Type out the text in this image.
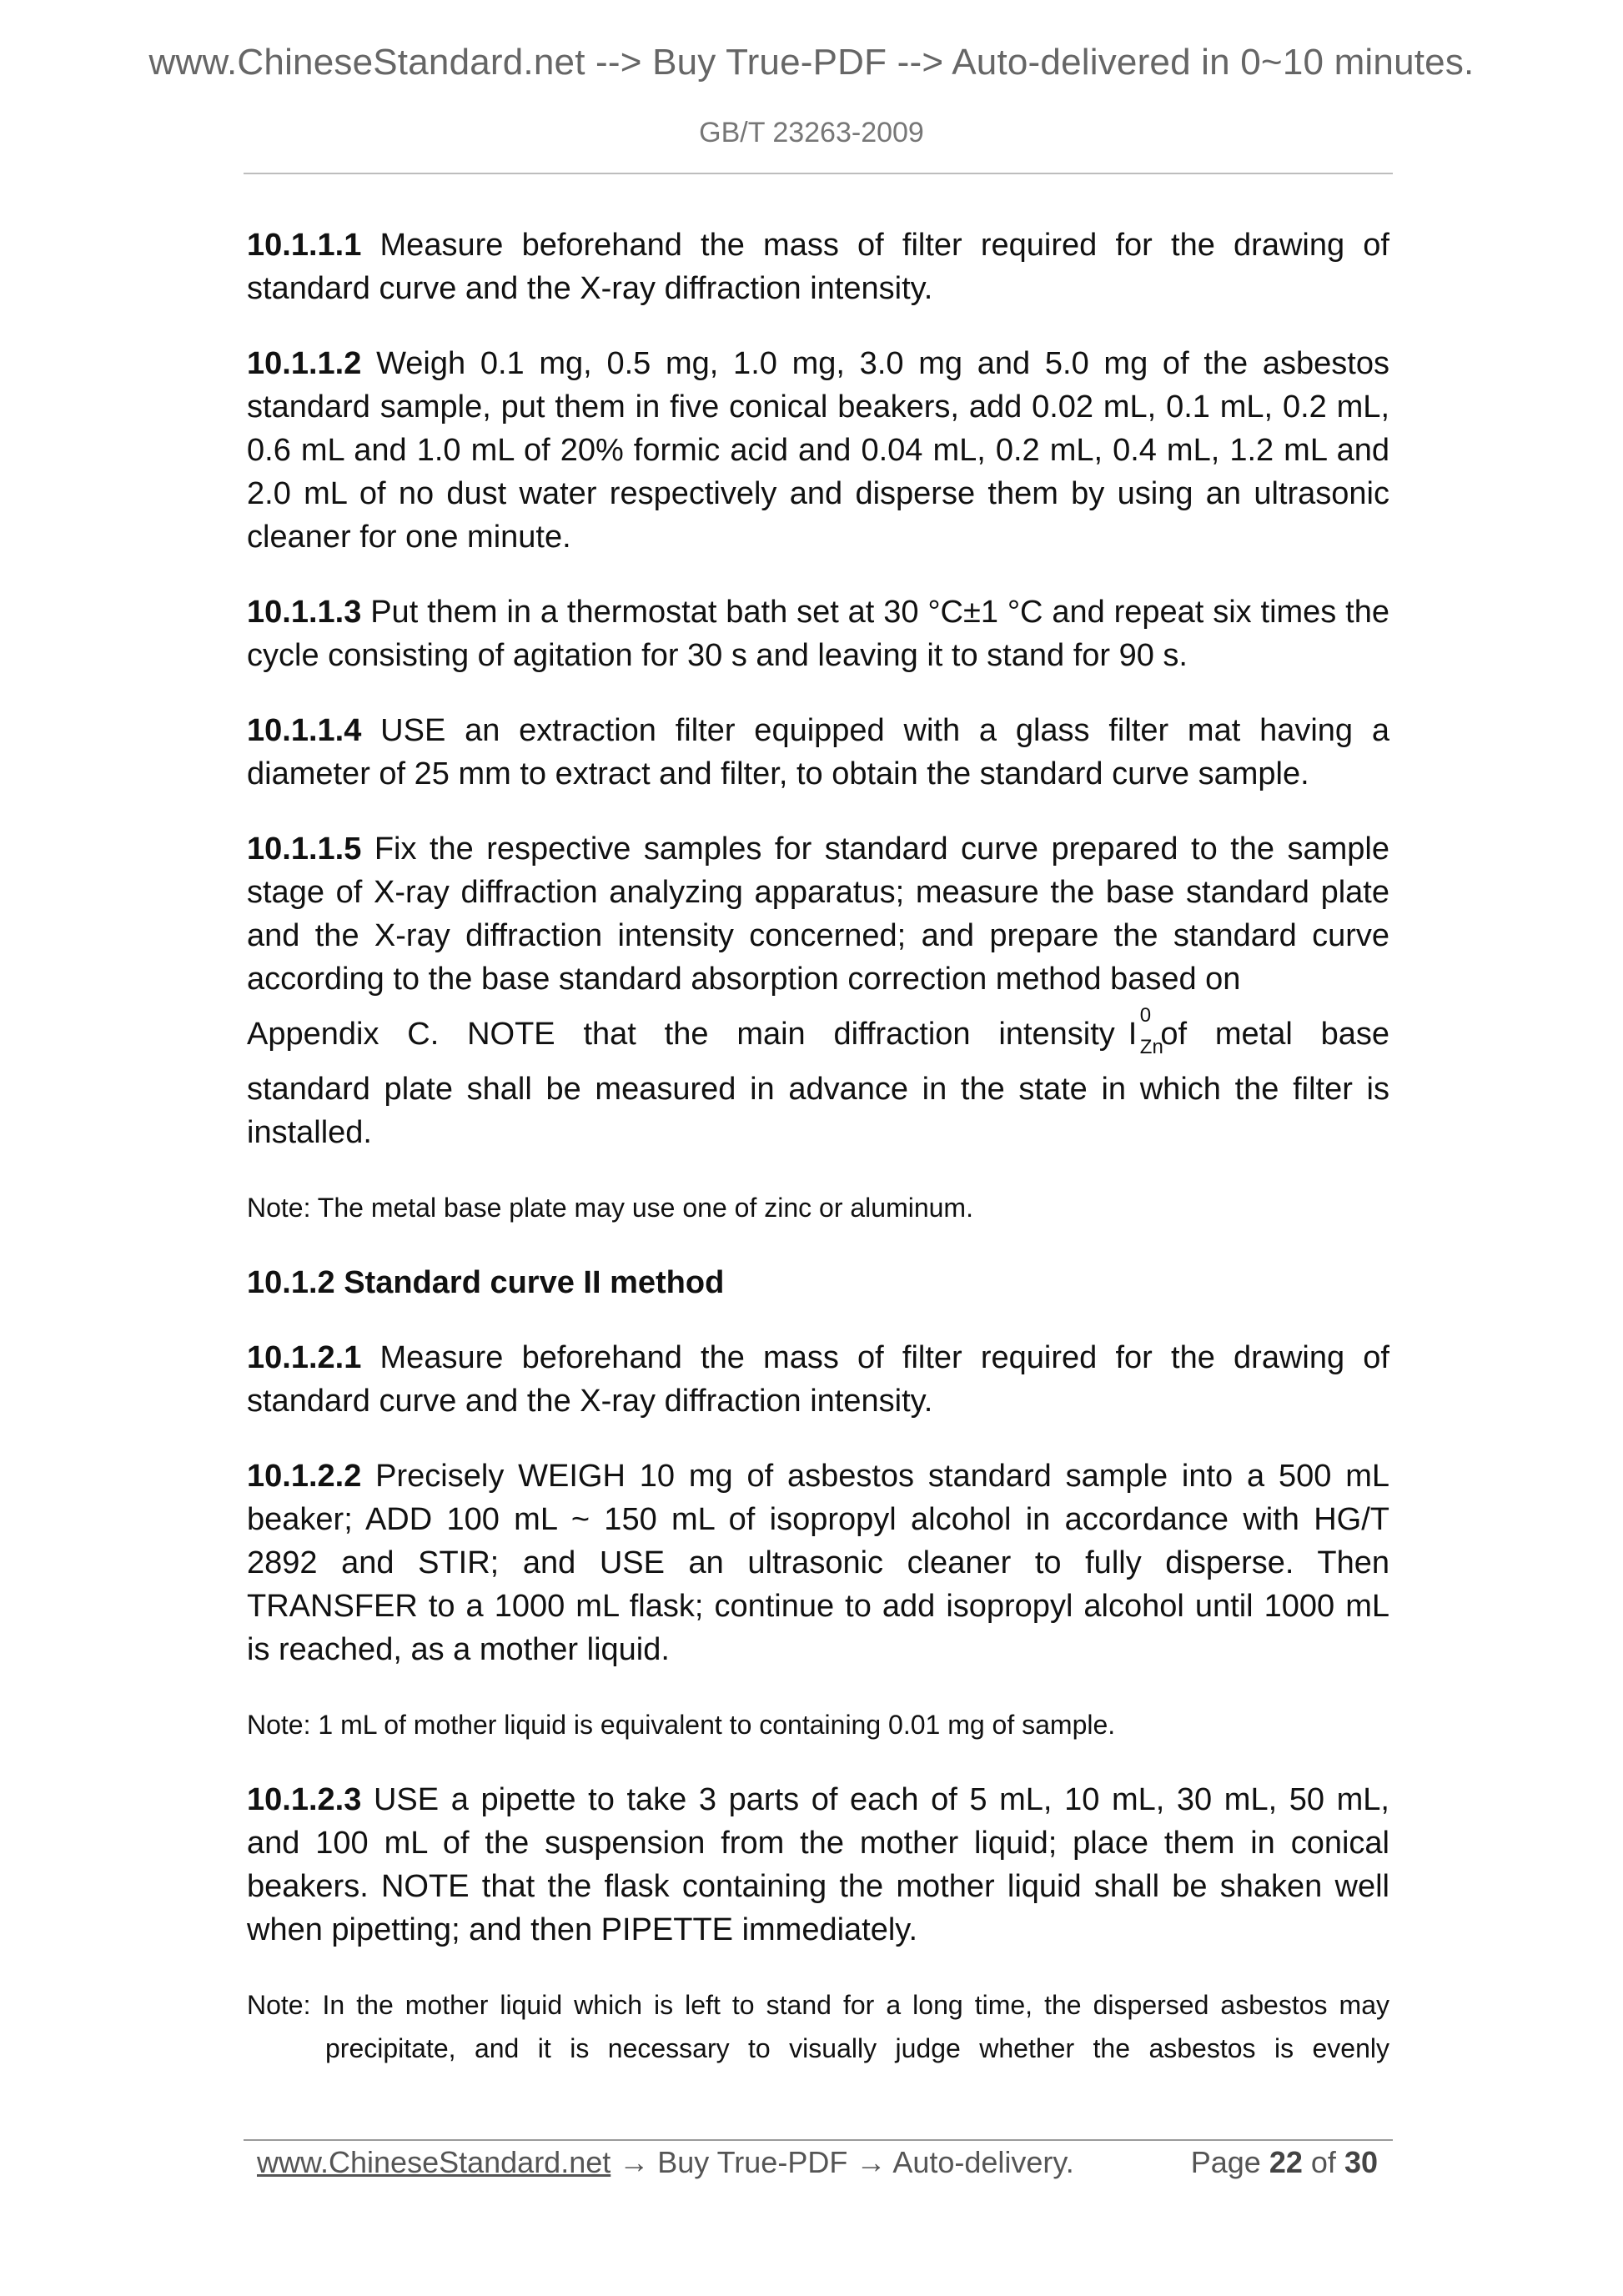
www.ChineseStandard.net --> Buy True-PDF --> Auto-delivered in 0~10 minutes.
GB/T 23263-2009

10.1.1.1 Measure beforehand the mass of filter required for the drawing of standard curve and the X-ray diffraction intensity.

10.1.1.2 Weigh 0.1 mg, 0.5 mg, 1.0 mg, 3.0 mg and 5.0 mg of the asbestos standard sample, put them in five conical beakers, add 0.02 mL, 0.1 mL, 0.2 mL, 0.6 mL and 1.0 mL of 20% formic acid and 0.04 mL, 0.2 mL, 0.4 mL, 1.2 mL and 2.0 mL of no dust water respectively and disperse them by using an ultrasonic cleaner for one minute.

10.1.1.3 Put them in a thermostat bath set at 30 °C±1 °C and repeat six times the cycle consisting of agitation for 30 s and leaving it to stand for 90 s.

10.1.1.4 USE an extraction filter equipped with a glass filter mat having a diameter of 25 mm to extract and filter, to obtain the standard curve sample.

10.1.1.5 Fix the respective samples for standard curve prepared to the sample stage of X-ray diffraction analyzing apparatus; measure the base standard plate and the X-ray diffraction intensity concerned; and prepare the standard curve according to the base standard absorption correction method based on
Appendix C. NOTE that the main diffraction intensity I
0
Zn
of metal base
standard plate shall be measured in advance in the state in which the filter is installed.

Note: The metal base plate may use one of zinc or aluminum.

10.1.2 Standard curve II method

10.1.2.1 Measure beforehand the mass of filter required for the drawing of standard curve and the X-ray diffraction intensity.

10.1.2.2 Precisely WEIGH 10 mg of asbestos standard sample into a 500 mL beaker; ADD 100 mL ~ 150 mL of isopropyl alcohol in accordance with HG/T 2892 and STIR; and USE an ultrasonic cleaner to fully disperse. Then TRANSFER to a 1000 mL flask; continue to add isopropyl alcohol until 1000 mL is reached, as a mother liquid.

Note: 1 mL of mother liquid is equivalent to containing 0.01 mg of sample.

10.1.2.3 USE a pipette to take 3 parts of each of 5 mL, 10 mL, 30 mL, 50 mL, and 100 mL of the suspension from the mother liquid; place them in conical beakers. NOTE that the flask containing the mother liquid shall be shaken well when pipetting; and then PIPETTE immediately.

Note: In the mother liquid which is left to stand for a long time, the dispersed asbestos may
precipitate, and it is necessary to visually judge whether the asbestos is evenly
www.ChineseStandard.net → Buy True-PDF → Auto-delivery.	Page 22 of 30
